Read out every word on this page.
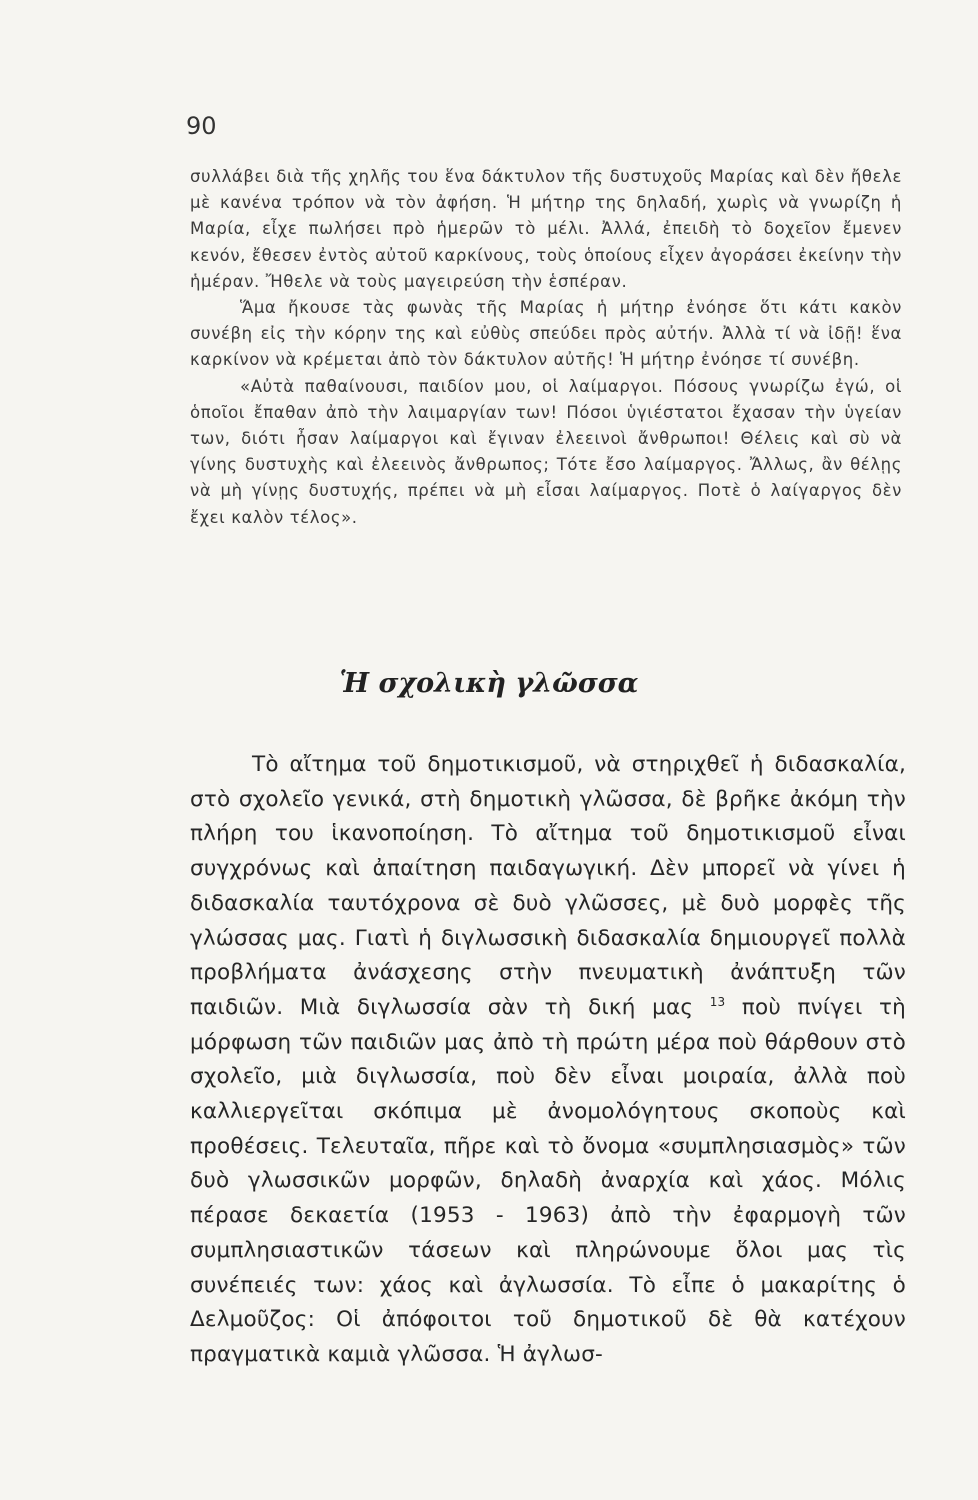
90

συλλάβει διὰ τῆς χηλῆς του ἕνα δάκτυλον τῆς δυστυχοῦς Μαρίας καὶ δὲν ἤθελε μὲ κανένα τρόπον νὰ τὸν ἀφήση. Ἡ μήτηρ της δηλαδή, χωρὶς νὰ γνωρίζη ἡ Μαρία, εἶχε πωλήσει πρὸ ἡμερῶν τὸ μέλι. Ἀλλά, ἐπειδὴ τὸ δοχεῖον ἔμενεν κενόν, ἔθεσεν ἐντὸς αὐτοῦ καρκίνους, τοὺς ὁποίους εἶχεν ἀγοράσει ἐκείνην τὴν ἡμέραν. Ἤθελε νὰ τοὺς μαγειρεύση τὴν ἑσπέραν.

Ἅμα ἤκουσε τὰς φωνὰς τῆς Μαρίας ἡ μήτηρ ἐνόησε ὅτι κάτι κακὸν συνέβη εἰς τὴν κόρην της καὶ εὐθὺς σπεύδει πρὸς αὐτήν. Ἀλλὰ τί νὰ ἰδῇ! ἕνα καρκίνον νὰ κρέμεται ἀπὸ τὸν δάκτυλον αὐτῆς! Ἡ μήτηρ ἐνόησε τί συνέβη.

«Αὐτὰ παθαίνουσι, παιδίον μου, οἱ λαίμαργοι. Πόσους γνωρίζω ἐγώ, οἱ ὁποῖοι ἔπαθαν ἀπὸ τὴν λαιμαργίαν των! Πόσοι ὑγιέστατοι ἔχασαν τὴν ὑγείαν των, διότι ἦσαν λαίμαργοι καὶ ἔγιναν ἐλεεινοὶ ἄνθρωποι! Θέλεις καὶ σὺ νὰ γίνης δυστυχὴς καὶ ἐλεεινὸς ἄνθρωπος; Τότε ἔσο λαίμαργος. Ἄλλως, ἂν θέλῃς νὰ μὴ γίνῃς δυστυχής, πρέπει νὰ μὴ εἶσαι λαίμαργος. Ποτὲ ὁ λαίγαργος δὲν ἔχει καλὸν τέλος».

Ἡ σχολικὴ γλῶσσα

Τὸ αἴτημα τοῦ δημοτικισμοῦ, νὰ στηριχθεῖ ἡ διδασκαλία, στὸ σχολεῖο γενικά, στὴ δημοτικὴ γλῶσσα, δὲ βρῆκε ἀκόμη τὴν πλήρη του ἱκανοποίηση. Τὸ αἴτημα τοῦ δημοτικισμοῦ εἶναι συγχρόνως καὶ ἀπαίτηση παιδαγωγική. Δὲν μπορεῖ νὰ γίνει ἡ διδασκαλία ταυτόχρονα σὲ δυὸ γλῶσσες, μὲ δυὸ μορφὲς τῆς γλώσσας μας. Γιατὶ ἡ διγλωσσικὴ διδασκαλία δημιουργεῖ πολλὰ προβλήματα ἀνάσχεσης στὴν πνευματικὴ ἀνάπτυξη τῶν παιδιῶν. Μιὰ διγλωσσία σὰν τὴ δική μας $^{13}$ ποὺ πνίγει τὴ μόρφωση τῶν παιδιῶν μας ἀπὸ τὴ πρώτη μέρα ποὺ θάρθουν στὸ σχολεῖο, μιὰ διγλωσσία, ποὺ δὲν εἶναι μοιραία, ἀλλὰ ποὺ καλλιεργεῖται σκόπιμα μὲ ἀνομολόγητους σκοποὺς καὶ προθέσεις. Τελευταῖα, πῆρε καὶ τὸ ὄνομα «συμπλησιασμὸς» τῶν δυὸ γλωσσικῶν μορφῶν, δηλαδὴ ἀναρχία καὶ χάος. Μόλις πέρασε δεκαετία (1953 - 1963) ἀπὸ τὴν ἐφαρμογὴ τῶν συμπλησιαστικῶν τάσεων καὶ πληρώνουμε ὅλοι μας τὶς συνέπειές των: χάος καὶ ἀγλωσσία. Τὸ εἶπε ὁ μακαρίτης ὁ Δελμοῦζος: Οἱ ἀπόφοιτοι τοῦ δημοτικοῦ δὲ θὰ κατέχουν πραγματικὰ καμιὰ γλῶσσα. Ἡ ἀγλωσ-
